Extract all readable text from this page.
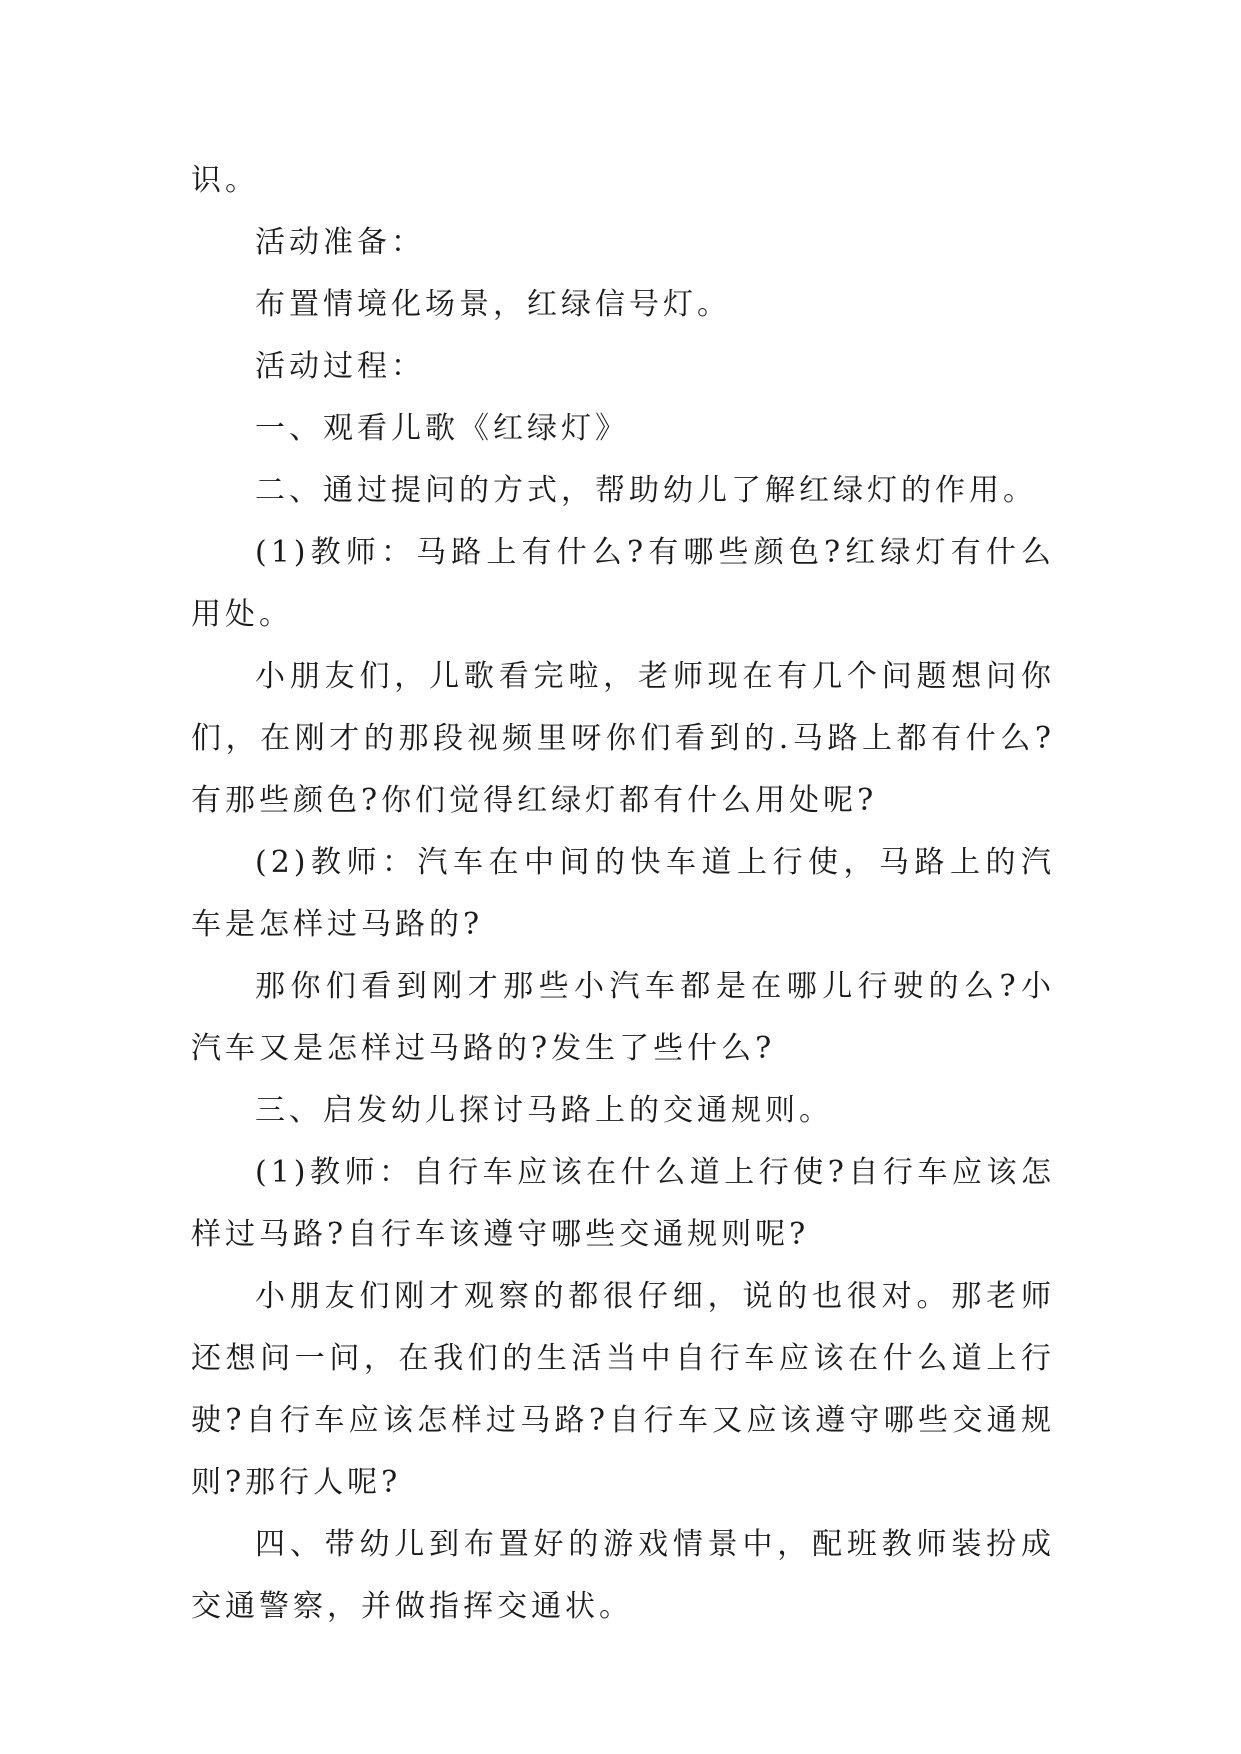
识。

活动准备：

布置情境化场景，红绿信号灯。

活动过程：

一、观看儿歌《红绿灯》

二、通过提问的方式，帮助幼儿了解红绿灯的作用。

(1)教师：马路上有什么?有哪些颜色?红绿灯有什么用处。

小朋友们，儿歌看完啦，老师现在有几个问题想问你们，在刚才的那段视频里呀你们看到的.马路上都有什么?有那些颜色?你们觉得红绿灯都有什么用处呢?

(2)教师：汽车在中间的快车道上行使，马路上的汽车是怎样过马路的?

那你们看到刚才那些小汽车都是在哪儿行驶的么?小汽车又是怎样过马路的?发生了些什么?

三、启发幼儿探讨马路上的交通规则。

(1)教师：自行车应该在什么道上行使?自行车应该怎样过马路?自行车该遵守哪些交通规则呢?

小朋友们刚才观察的都很仔细，说的也很对。那老师还想问一问，在我们的生活当中自行车应该在什么道上行驶?自行车应该怎样过马路?自行车又应该遵守哪些交通规则?那行人呢?

四、带幼儿到布置好的游戏情景中，配班教师装扮成交通警察，并做指挥交通状。
